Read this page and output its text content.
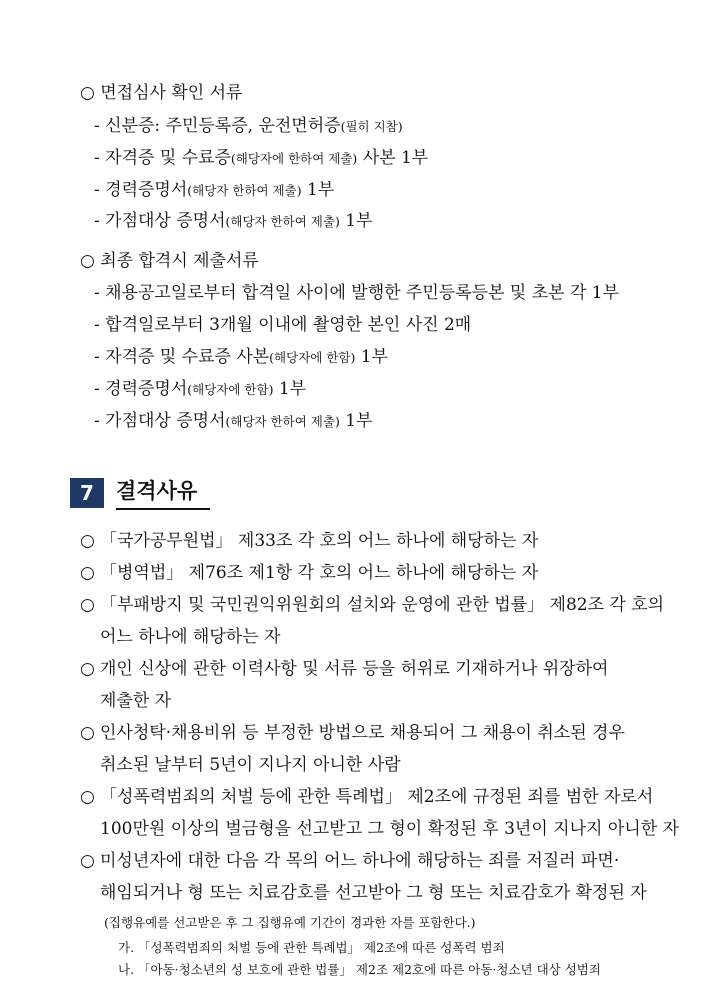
○ 면접심사 확인 서류
- 신분증: 주민등록증, 운전면허증(필히 지참)
- 자격증 및 수료증(해당자에 한하여 제출) 사본 1부
- 경력증명서(해당자 한하여 제출) 1부
- 가점대상 증명서(해당자 한하여 제출) 1부
○ 최종 합격시 제출서류
- 채용공고일로부터 합격일 사이에 발행한 주민등록등본 및 초본 각 1부
- 합격일로부터 3개월 이내에 촬영한 본인 사진 2매
- 자격증 및 수료증 사본(해당자에 한함) 1부
- 경력증명서(해당자에 한함) 1부
- 가점대상 증명서(해당자 한하여 제출) 1부
7	결격사유
○ 「국가공무원법」 제33조 각 호의 어느 하나에 해당하는 자
○ 「병역법」 제76조 제1항 각 호의 어느 하나에 해당하는 자
○ 「부패방지 및 국민권익위원회의 설치와 운영에 관한 법률」 제82조 각 호의
어느 하나에 해당하는 자
○ 개인 신상에 관한 이력사항 및 서류 등을 허위로 기재하거나 위장하여
제출한 자
○ 인사청탁·채용비위 등 부정한 방법으로 채용되어 그 채용이 취소된 경우
취소된 날부터 5년이 지나지 아니한 사람
○ 「성폭력범죄의 처벌 등에 관한 특례법」 제2조에 규정된 죄를 범한 자로서
100만원 이상의 벌금형을 선고받고 그 형이 확정된 후 3년이 지나지 아니한 자
○ 미성년자에 대한 다음 각 목의 어느 하나에 해당하는 죄를 저질러 파면·
해임되거나 형 또는 치료감호를 선고받아 그 형 또는 치료감호가 확정된 자
(집행유예를 선고받은 후 그 집행유예 기간이 경과한 자를 포함한다.)
가. 「성폭력범죄의 처벌 등에 관한 특례법」 제2조에 따른 성폭력 범죄
나. 「아동·청소년의 성 보호에 관한 법률」 제2조 제2호에 따른 아동·청소년 대상 성범죄
